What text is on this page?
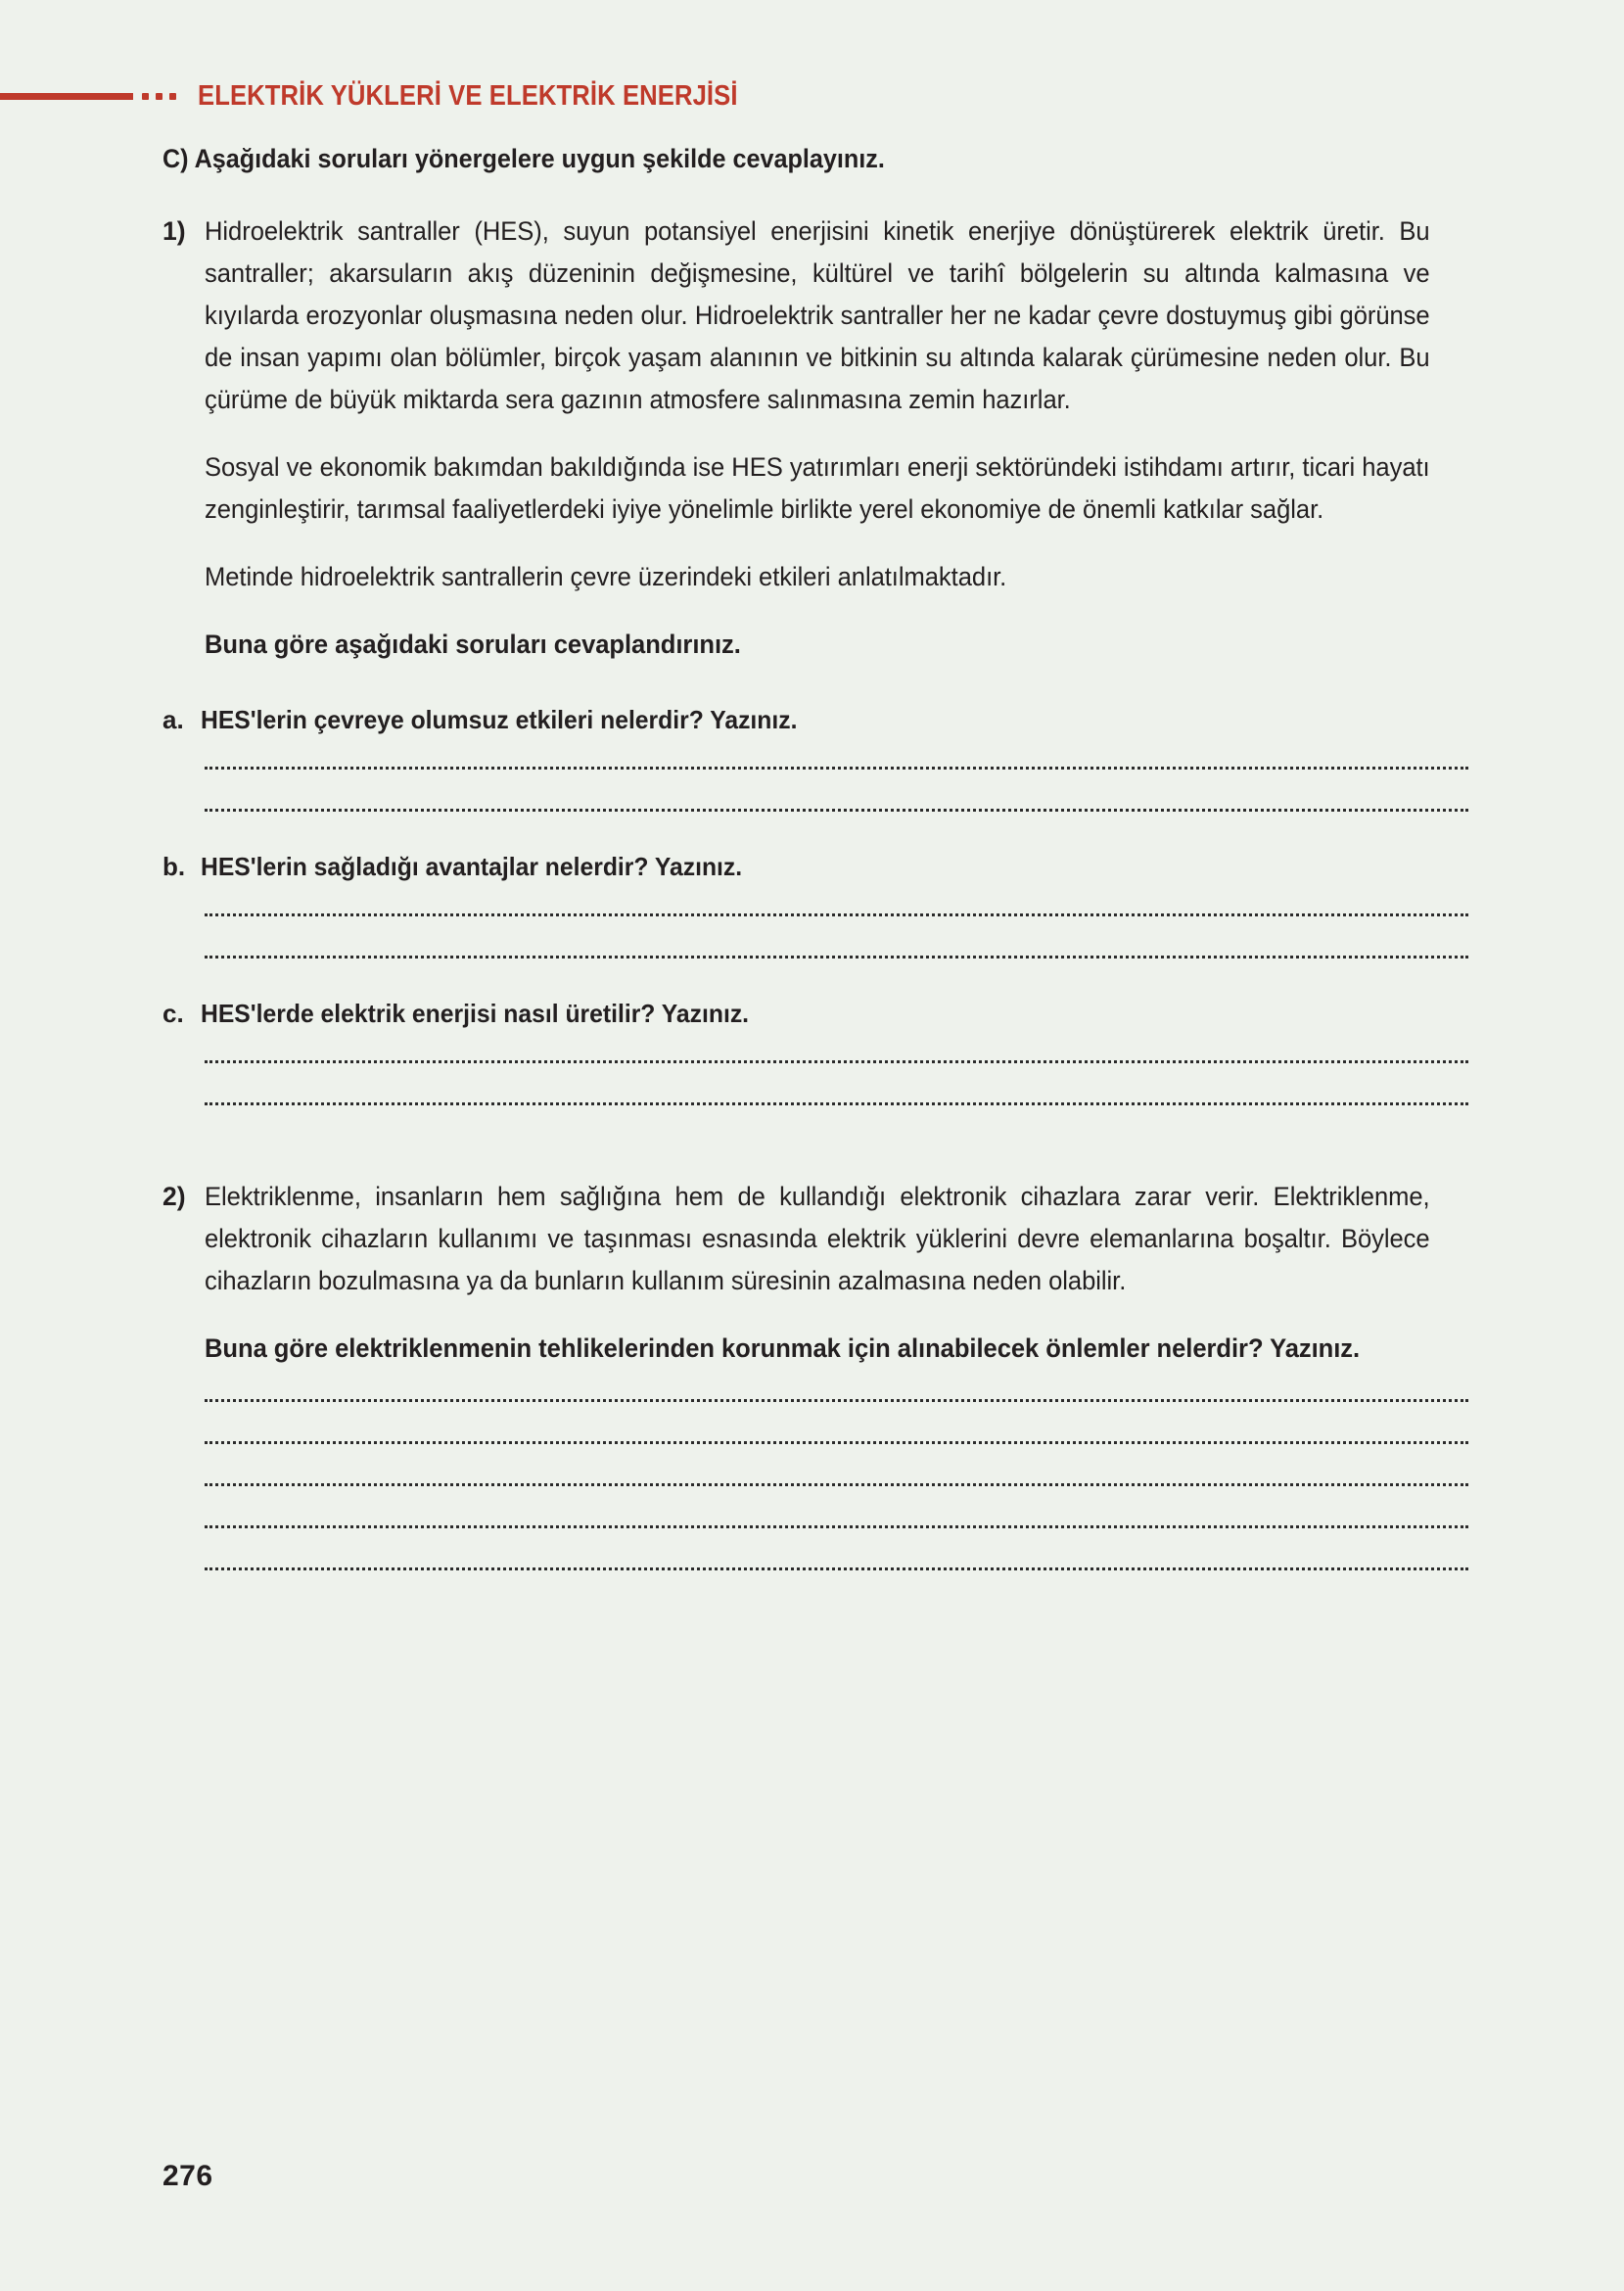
ELEKTRİK YÜKLERİ VE ELEKTRİK ENERJİSİ
C) Aşağıdaki soruları yönergelere uygun şekilde cevaplayınız.
1) Hidroelektrik santraller (HES), suyun potansiyel enerjisini kinetik enerjiye dönüştürerek elektrik üretir. Bu santraller; akarsuların akış düzeninin değişmesine, kültürel ve tarihî bölgelerin su altında kalmasına ve kıyılarda erozyonlar oluşmasına neden olur. Hidroelektrik santraller her ne kadar çevre dostuymuş gibi görünse de insan yapımı olan bölümler, birçok yaşam alanının ve bitkinin su altında kalarak çürümesine neden olur. Bu çürüme de büyük miktarda sera gazının atmosfere salınmasına zemin hazırlar.
Sosyal ve ekonomik bakımdan bakıldığında ise HES yatırımları enerji sektöründeki istihdamı artırır, ticari hayatı zenginleştirir, tarımsal faaliyetlerdeki iyiye yönelimle birlikte yerel ekonomiye de önemli katkılar sağlar.
Metinde hidroelektrik santrallerin çevre üzerindeki etkileri anlatılmaktadır.
Buna göre aşağıdaki soruları cevaplandırınız.
a. HES'lerin çevreye olumsuz etkileri nelerdir? Yazınız.
b. HES'lerin sağladığı avantajlar nelerdir? Yazınız.
c. HES'lerde elektrik enerjisi nasıl üretilir? Yazınız.
2) Elektriklenme, insanların hem sağlığına hem de kullandığı elektronik cihazlara zarar verir. Elektriklenme, elektronik cihazların kullanımı ve taşınması esnasında elektrik yüklerini devre elemanlarına boşaltır. Böylece cihazların bozulmasına ya da bunların kullanım süresinin azalmasına neden olabilir.
Buna göre elektriklenmenin tehlikelerinden korunmak için alınabilecek önlemler nelerdir? Yazınız.
276
